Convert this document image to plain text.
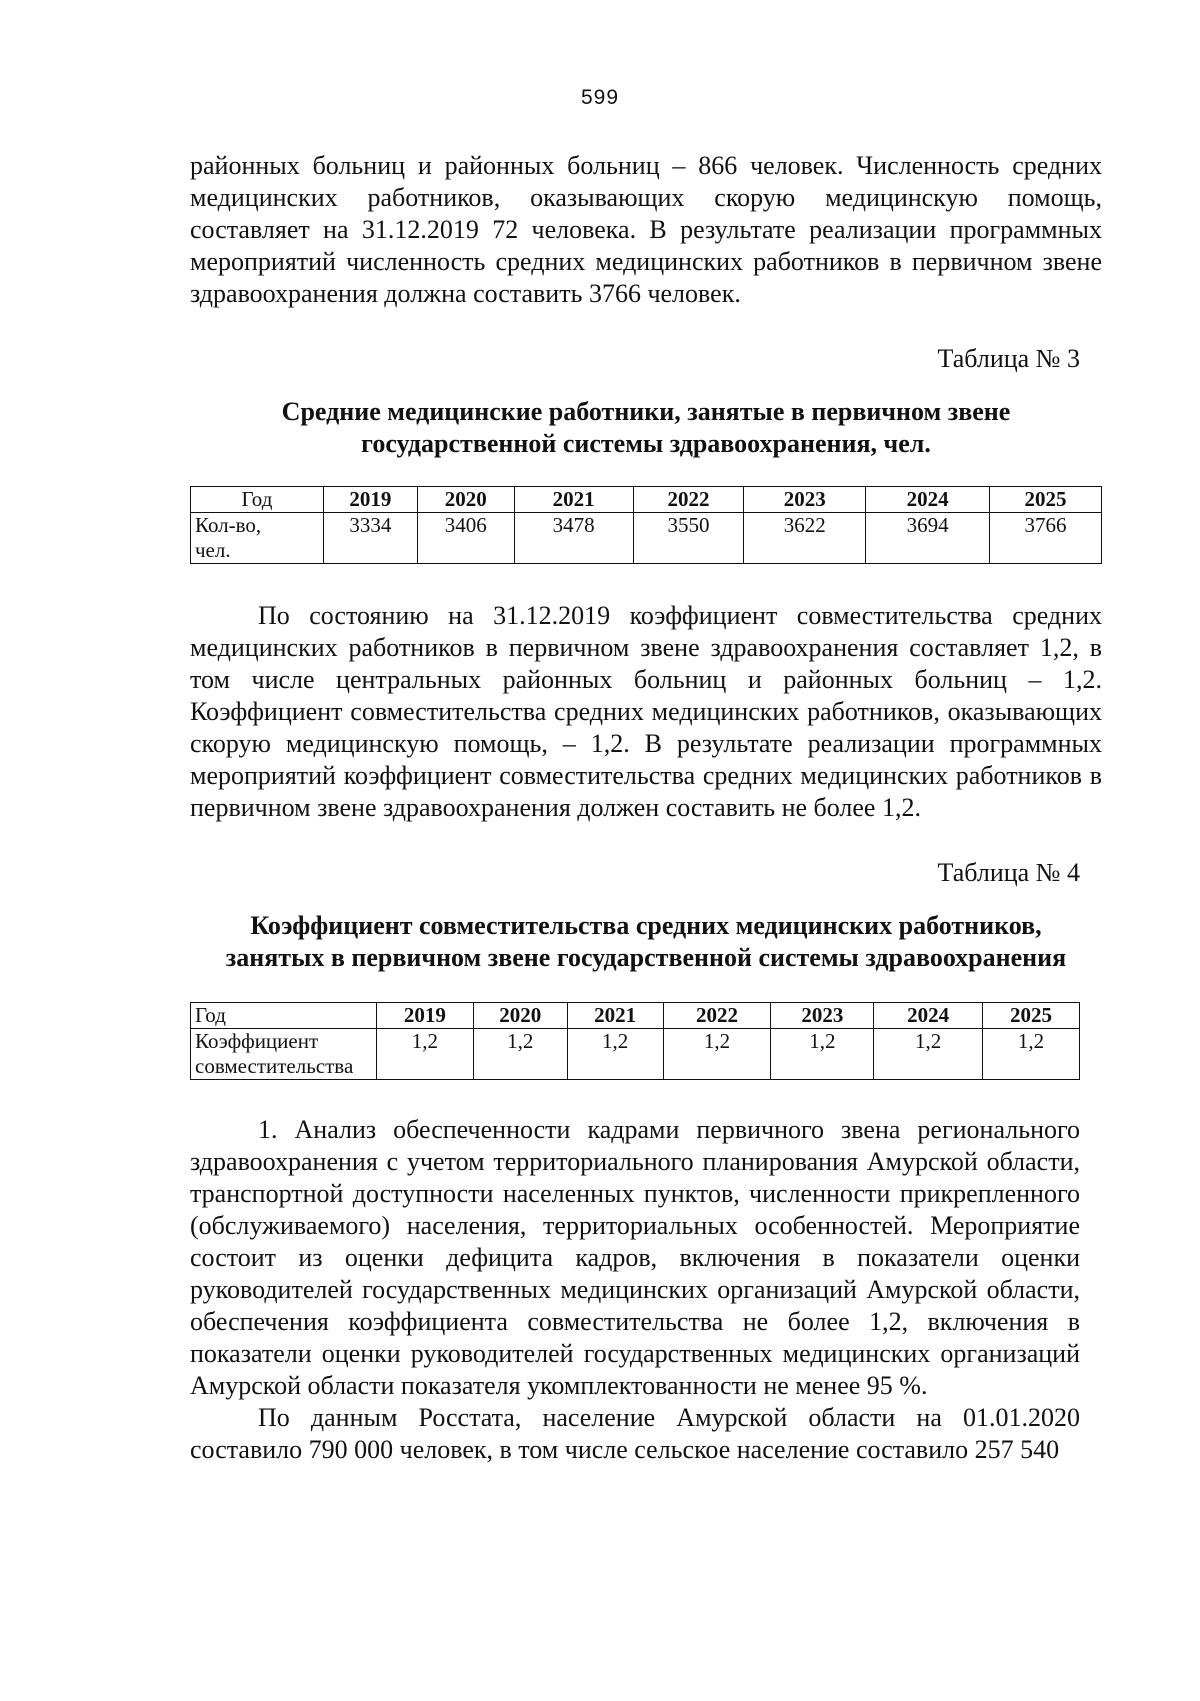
599

районных больниц и районных больниц – 866 человек. Численность средних медицинских работников, оказывающих скорую медицинскую помощь, составляет на 31.12.2019 72 человека. В результате реализации программных мероприятий численность средних медицинских работников в первичном звене здравоохранения должна составить 3766 человек.

Таблица № 3
Средние медицинские работники, занятые в первичном звене
государственной системы здравоохранения, чел.
Год	2019	2020	2021	2022	2023	2024	2025
Кол-во, чел.	3334	3406	3478	3550	3622	3694	3766

По состоянию на 31.12.2019 коэффициент совместительства средних медицинских работников в первичном звене здравоохранения составляет 1,2, в том числе центральных районных больниц и районных больниц – 1,2. Коэффициент совместительства средних медицинских работников, оказывающих скорую медицинскую помощь, – 1,2. В результате реализации программных мероприятий коэффициент совместительства средних медицинских работников в первичном звене здравоохранения должен составить не более 1,2.

Таблица № 4
Коэффициент совместительства средних медицинских работников,
занятых в первичном звене государственной системы здравоохранения
Год	2019	2020	2021	2022	2023	2024	2025
Коэффициент совместительства	1,2	1,2	1,2	1,2	1,2	1,2	1,2

1. Анализ обеспеченности кадрами первичного звена регионального здравоохранения с учетом территориального планирования Амурской области, транспортной доступности населенных пунктов, численности прикрепленного (обслуживаемого) населения, территориальных особенностей. Мероприятие состоит из оценки дефицита кадров, включения в показатели оценки руководителей государственных медицинских организаций Амурской области, обеспечения коэффициента совместительства не более 1,2, включения в показатели оценки руководителей государственных медицинских организаций Амурской области показателя укомплектованности не менее 95 %.

По данным Росстата, население Амурской области на 01.01.2020 составило 790 000 человек, в том числе сельское население составило 257 540
